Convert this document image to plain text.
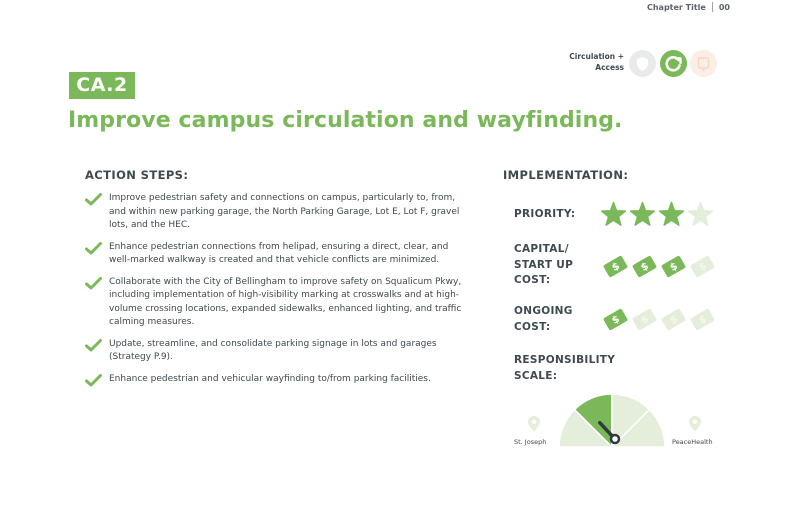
Chapter Title 00
Circulation +
Access
CA.2
Improve campus circulation and wayfinding.
ACTION STEPS:
Improve pedestrian safety and connections on campus, particularly to, from, and within new parking garage, the North Parking Garage, Lot E, Lot F, gravel lots, and the HEC.
Enhance pedestrian connections from helipad, ensuring a direct, clear, and well-marked walkway is created and that vehicle conflicts are minimized.
Collaborate with the City of Bellingham to improve safety on Squalicum Pkwy, including implementation of high-visibility marking at crosswalks and at high-volume crossing locations, expanded sidewalks, enhanced lighting, and traffic calming measures.
Update, streamline, and consolidate parking signage in lots and garages (Strategy P.9).
Enhance pedestrian and vehicular wayfinding to/from parking facilities.
IMPLEMENTATION:
PRIORITY:
CAPITAL/
START UP
COST:
$ $ $ $
ONGOING
COST:	$ $ $ $
RESPONSIBILITY
SCALE:
St. Joseph	PeaceHealth
